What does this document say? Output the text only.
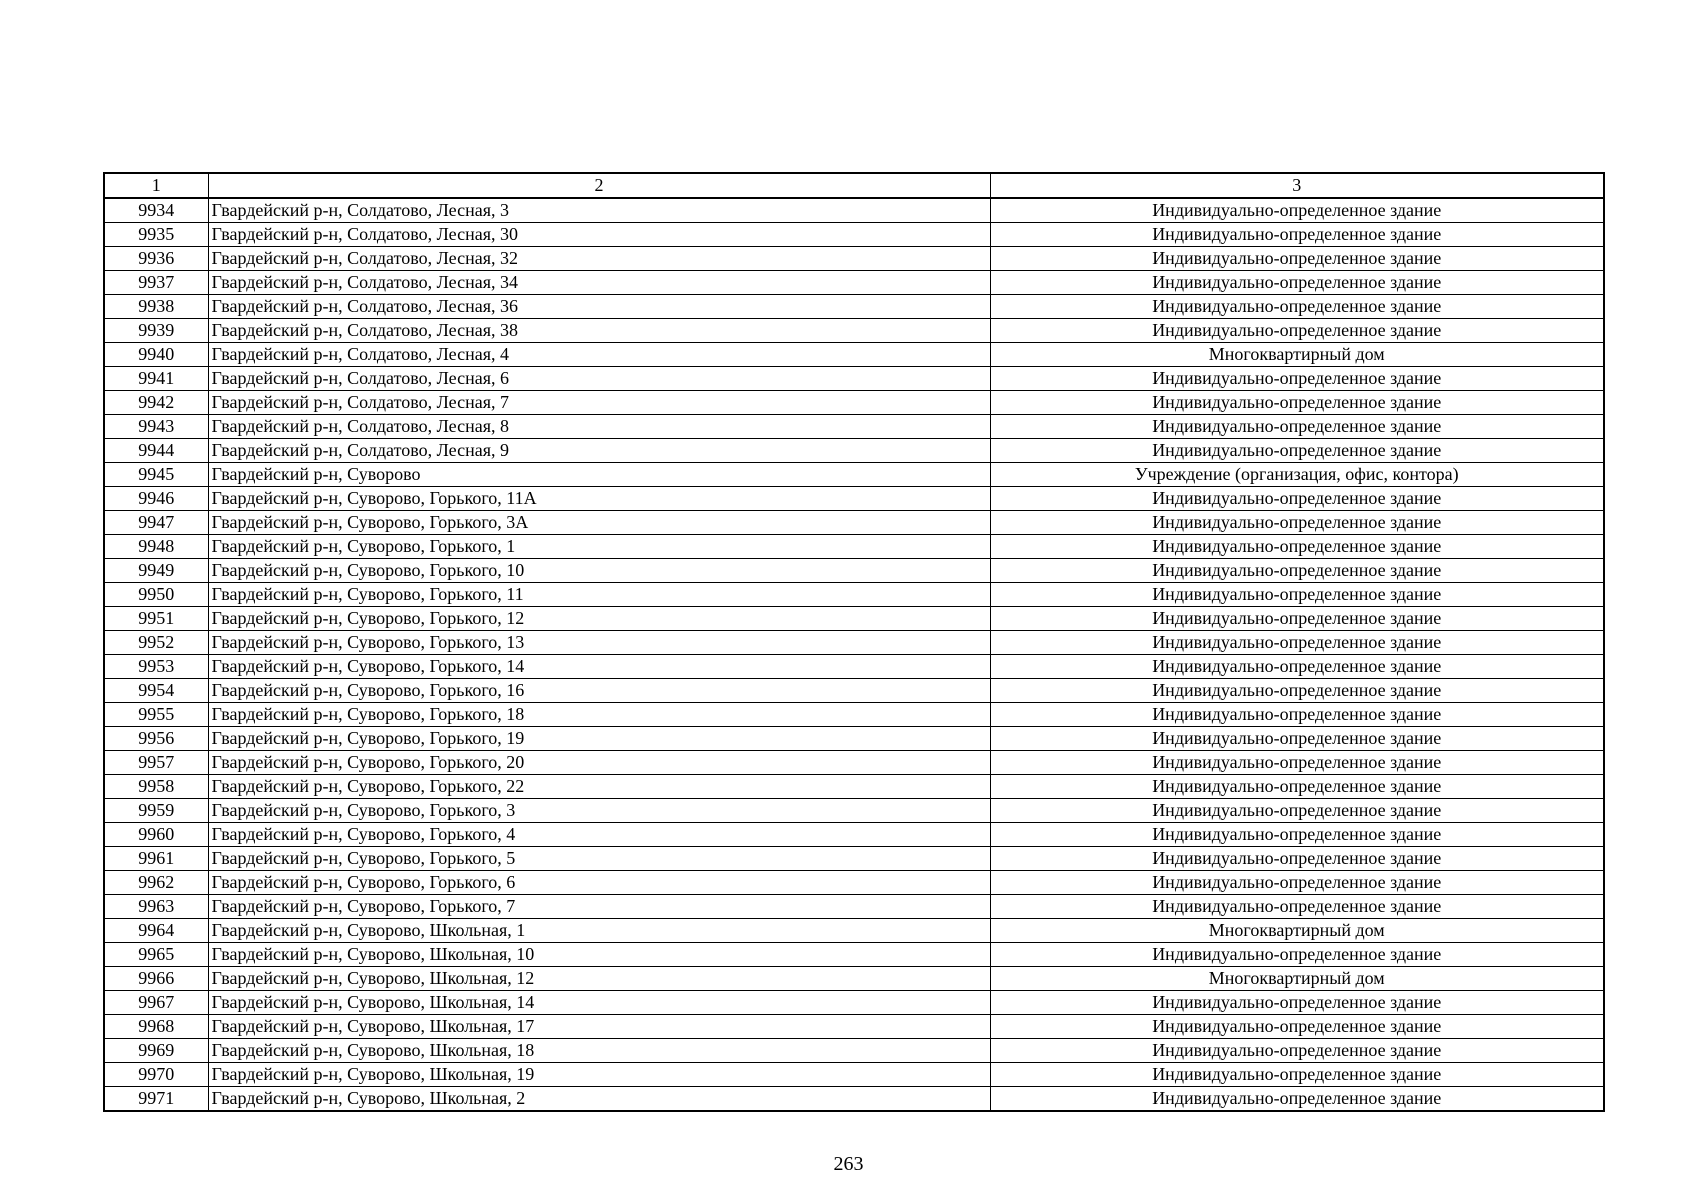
1	2	3
9934	Гвардейский р-н, Солдатово, Лесная, 3	Индивидуально-определенное здание
9935	Гвардейский р-н, Солдатово, Лесная, 30	Индивидуально-определенное здание
9936	Гвардейский р-н, Солдатово, Лесная, 32	Индивидуально-определенное здание
9937	Гвардейский р-н, Солдатово, Лесная, 34	Индивидуально-определенное здание
9938	Гвардейский р-н, Солдатово, Лесная, 36	Индивидуально-определенное здание
9939	Гвардейский р-н, Солдатово, Лесная, 38	Индивидуально-определенное здание
9940	Гвардейский р-н, Солдатово, Лесная, 4	Многоквартирный дом
9941	Гвардейский р-н, Солдатово, Лесная, 6	Индивидуально-определенное здание
9942	Гвардейский р-н, Солдатово, Лесная, 7	Индивидуально-определенное здание
9943	Гвардейский р-н, Солдатово, Лесная, 8	Индивидуально-определенное здание
9944	Гвардейский р-н, Солдатово, Лесная, 9	Индивидуально-определенное здание
9945	Гвардейский р-н, Суворово	Учреждение (организация, офис, контора)
9946	Гвардейский р-н, Суворово, Горького, 11А	Индивидуально-определенное здание
9947	Гвардейский р-н, Суворово, Горького, 3А	Индивидуально-определенное здание
9948	Гвардейский р-н, Суворово, Горького, 1	Индивидуально-определенное здание
9949	Гвардейский р-н, Суворово, Горького, 10	Индивидуально-определенное здание
9950	Гвардейский р-н, Суворово, Горького, 11	Индивидуально-определенное здание
9951	Гвардейский р-н, Суворово, Горького, 12	Индивидуально-определенное здание
9952	Гвардейский р-н, Суворово, Горького, 13	Индивидуально-определенное здание
9953	Гвардейский р-н, Суворово, Горького, 14	Индивидуально-определенное здание
9954	Гвардейский р-н, Суворово, Горького, 16	Индивидуально-определенное здание
9955	Гвардейский р-н, Суворово, Горького, 18	Индивидуально-определенное здание
9956	Гвардейский р-н, Суворово, Горького, 19	Индивидуально-определенное здание
9957	Гвардейский р-н, Суворово, Горького, 20	Индивидуально-определенное здание
9958	Гвардейский р-н, Суворово, Горького, 22	Индивидуально-определенное здание
9959	Гвардейский р-н, Суворово, Горького, 3	Индивидуально-определенное здание
9960	Гвардейский р-н, Суворово, Горького, 4	Индивидуально-определенное здание
9961	Гвардейский р-н, Суворово, Горького, 5	Индивидуально-определенное здание
9962	Гвардейский р-н, Суворово, Горького, 6	Индивидуально-определенное здание
9963	Гвардейский р-н, Суворово, Горького, 7	Индивидуально-определенное здание
9964	Гвардейский р-н, Суворово, Школьная, 1	Многоквартирный дом
9965	Гвардейский р-н, Суворово, Школьная, 10	Индивидуально-определенное здание
9966	Гвардейский р-н, Суворово, Школьная, 12	Многоквартирный дом
9967	Гвардейский р-н, Суворово, Школьная, 14	Индивидуально-определенное здание
9968	Гвардейский р-н, Суворово, Школьная, 17	Индивидуально-определенное здание
9969	Гвардейский р-н, Суворово, Школьная, 18	Индивидуально-определенное здание
9970	Гвардейский р-н, Суворово, Школьная, 19	Индивидуально-определенное здание
9971	Гвардейский р-н, Суворово, Школьная, 2	Индивидуально-определенное здание
263
